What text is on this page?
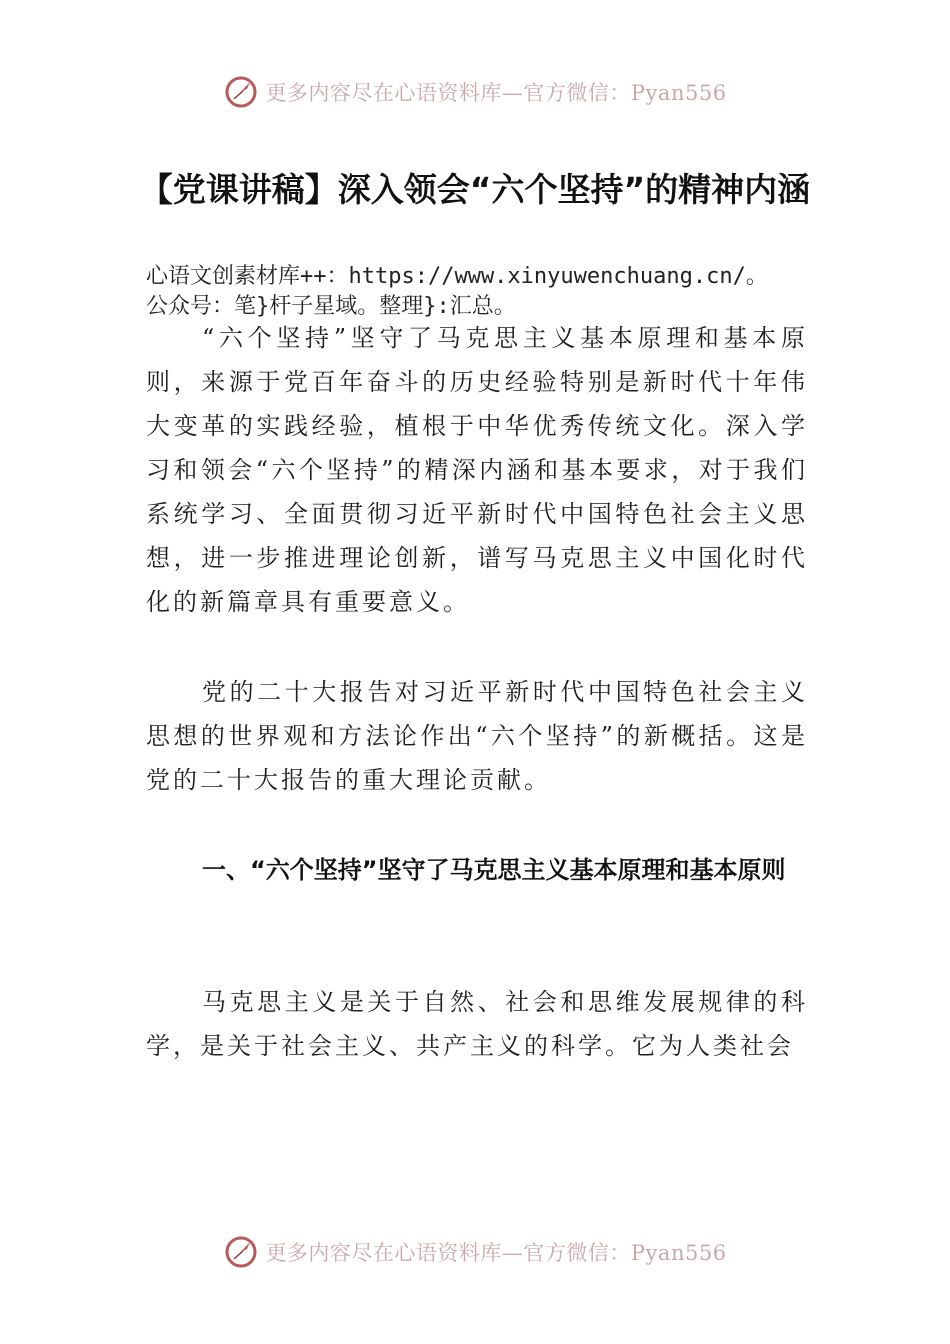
更多内容尽在心语资料库—官方微信：Pyan556
【党课讲稿】深入领会“六个坚持”的精神内涵
心语文创素材库++：https://www.xinyuwenchuang.cn/。
公众号：笔}杆子星域。整理}:汇总。

“六个坚持”坚守了马克思主义基本原理和基本原则，来源于党百年奋斗的历史经验特别是新时代十年伟大变革的实践经验，植根于中华优秀传统文化。深入学习和领会“六个坚持”的精深内涵和基本要求，对于我们系统学习、全面贯彻习近平新时代中国特色社会主义思想，进一步推进理论创新，谱写马克思主义中国化时代化的新篇章具有重要意义。

党的二十大报告对习近平新时代中国特色社会主义思想的世界观和方法论作出“六个坚持”的新概括。这是党的二十大报告的重大理论贡献。

一、“六个坚持”坚守了马克思主义基本原理和基本原则

马克思主义是关于自然、社会和思维发展规律的科学，是关于社会主义、共产主义的科学。它为人类社会

更多内容尽在心语资料库—官方微信：Pyan556
